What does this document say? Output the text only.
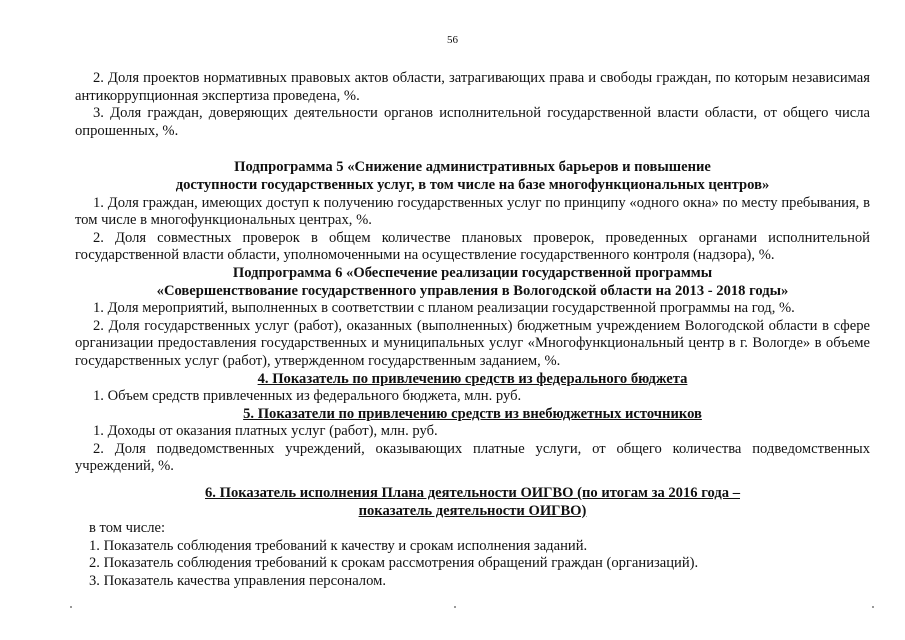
56

2. Доля проектов нормативных правовых актов области, затрагивающих права и свободы граждан, по которым независимая антикоррупционная экспертиза проведена, %.

3. Доля граждан, доверяющих деятельности органов исполнительной государственной власти области, от общего числа опрошенных, %.

Подпрограмма 5 «Снижение административных барьеров и повышение

доступности государственных услуг, в том числе на базе многофункциональных центров»

1. Доля граждан, имеющих доступ к получению государственных услуг по принципу «одного окна» по месту пребывания, в том числе в многофункциональных центрах, %.

2. Доля совместных проверок в общем количестве плановых проверок, проведенных органами исполнительной государственной власти области, уполномоченными на осуществление государственного контроля (надзора), %.

Подпрограмма 6 «Обеспечение реализации государственной программы

«Совершенствование государственного управления в Вологодской области на 2013 - 2018 годы»

1. Доля мероприятий, выполненных в соответствии с планом реализации государственной программы на год, %.

2. Доля государственных услуг (работ), оказанных (выполненных) бюджетным учреждением Вологодской области в сфере организации предоставления государственных и муниципальных услуг «Многофункциональный центр в г. Вологде» в объеме государственных услуг (работ), утвержденном государственным заданием, %.

4. Показатель по привлечению средств из федерального бюджета

1. Объем средств привлеченных из федерального бюджета, млн. руб.

5. Показатели по привлечению средств из внебюджетных источников

1. Доходы от оказания платных услуг (работ), млн. руб.

2. Доля подведомственных учреждений, оказывающих платные услуги, от общего количества подведомственных учреждений, %.

6. Показатель исполнения Плана деятельности ОИГВО (по итогам за 2016 года –

показатель деятельности ОИГВО)

в том числе:

1. Показатель соблюдения требований к качеству и срокам исполнения заданий.

2. Показатель соблюдения требований к срокам рассмотрения обращений граждан (организаций).

3. Показатель качества управления персоналом.
